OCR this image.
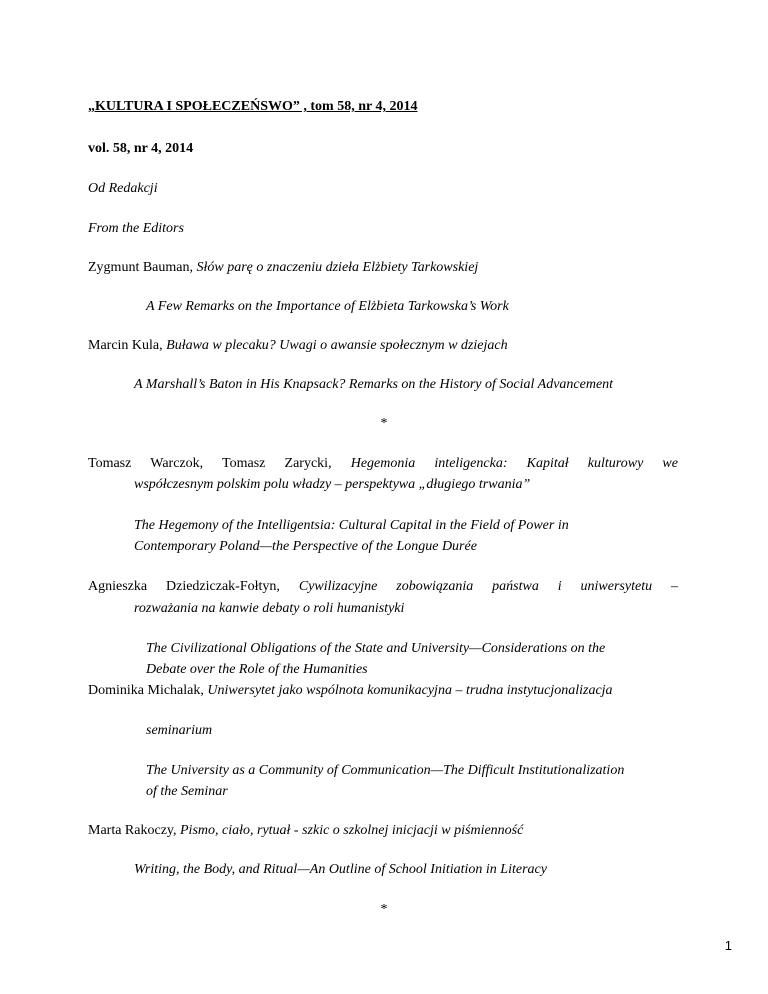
„KULTURA I SPOŁECZEŃSWO” , tom 58, nr 4, 2014
vol. 58, nr 4, 2014
Od Redakcji
From the Editors
Zygmunt Bauman, Słów parę o znaczeniu dzieła Elżbiety Tarkowskiej
A Few Remarks on the Importance of Elżbieta Tarkowska’s Work
Marcin Kula, Buława w plecaku? Uwagi o awansie społecznym w dziejach
A Marshall’s Baton in His Knapsack? Remarks on the History of Social Advancement
*
Tomasz Warczok, Tomasz Zarycki, Hegemonia inteligencka: Kapitał kulturowy we
współczesnym polskim polu władzy – perspektywa „długiego trwania”
The Hegemony of the Intelligentsia: Cultural Capital in the Field of Power in
Contemporary Poland—the Perspective of the Longue Durée
Agnieszka Dziedziczak-Fołtyn, Cywilizacyjne zobowiązania państwa i uniwersytetu –
rozważania na kanwie debaty o roli humanistyki
The Civilizational Obligations of the State and University—Considerations on the
Debate over the Role of the Humanities
Dominika Michalak, Uniwersytet jako wspólnota komunikacyjna – trudna instytucjonalizacja
seminarium
The University as a Community of Communication—The Difficult Institutionalization
of the Seminar
Marta Rakoczy, Pismo, ciało, rytuał - szkic o szkolnej inicjacji w piśmienność
Writing, the Body, and Ritual—An Outline of School Initiation in Literacy
*
1
